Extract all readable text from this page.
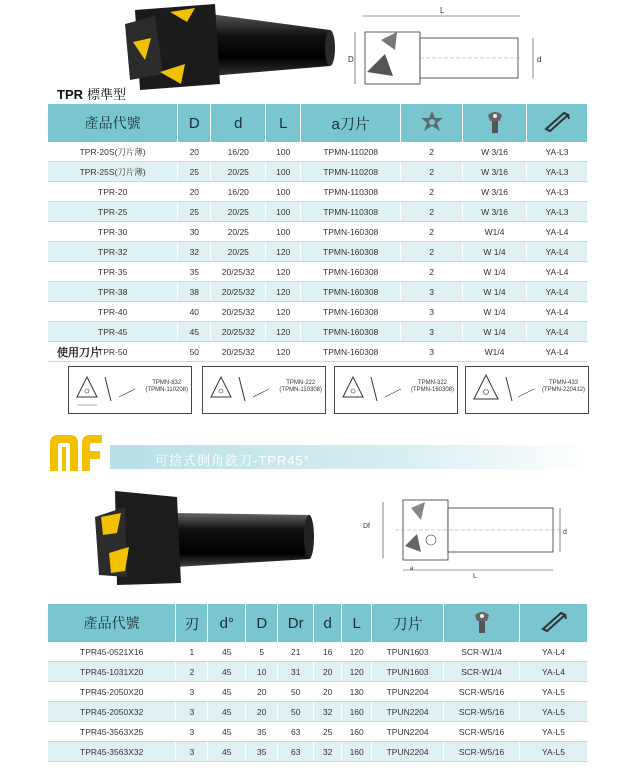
L
D	d
TPR 標準型
產品代號	D	d	L	a刀片			
TPR-20S(刀片薄)	20	16/20	100	TPMN-110208	2	W 3/16	YA-L3
TPR-25S(刀片薄)	25	20/25	100	TPMN-110208	2	W 3/16	YA-L3
TPR-20	20	16/20	100	TPMN-110308	2	W 3/16	YA-L3
TPR-25	25	20/25	100	TPMN-110308	2	W 3/16	YA-L3
TPR-30	30	20/25	100	TPMN-160308	2	W1/4	YA-L4
TPR-32	32	20/25	120	TPMN-160308	2	W 1/4	YA-L4
TPR-35	35	20/25/32	120	TPMN-160308	2	W 1/4	YA-L4
TPR-38	38	20/25/32	120	TPMN-160308	3	W 1/4	YA-L4
TPR-40	40	20/25/32	120	TPMN-160308	3	W 1/4	YA-L4
TPR-45	45	20/25/32	120	TPMN-160308	3	W 1/4	YA-L4
TPR-50	50	20/25/32	120	TPMN-160308	3	W1/4	YA-L4
使用刀片
TPMN-832
(TPMN-110208)
TPMN-222
(TPMN-110308)
TPMN-322
(TPMN-160308)
TPMN-433
(TPMN-220412)
可捨式倒角銑刀-TPR45°
Df
d
L
a
產品代號	刃	d°	D	Dr	d	L	刀片		
TPR45-0521X16	1	45	5	21	16	120	TPUN1603	SCR-W1/4	YA-L4
TPR45-1031X20	2	45	10	31	20	120	TPUN1603	SCR-W1/4	YA-L4
TPR45-2050X20	3	45	20	50	20	130	TPUN2204	SCR-W5/16	YA-L5
TPR45-2050X32	3	45	20	50	32	160	TPUN2204	SCR-W5/16	YA-L5
TPR45-3563X25	3	45	35	63	25	160	TPUN2204	SCR-W5/16	YA-L5
TPR45-3563X32	3	45	35	63	32	160	TPUN2204	SCR-W5/16	YA-L5
